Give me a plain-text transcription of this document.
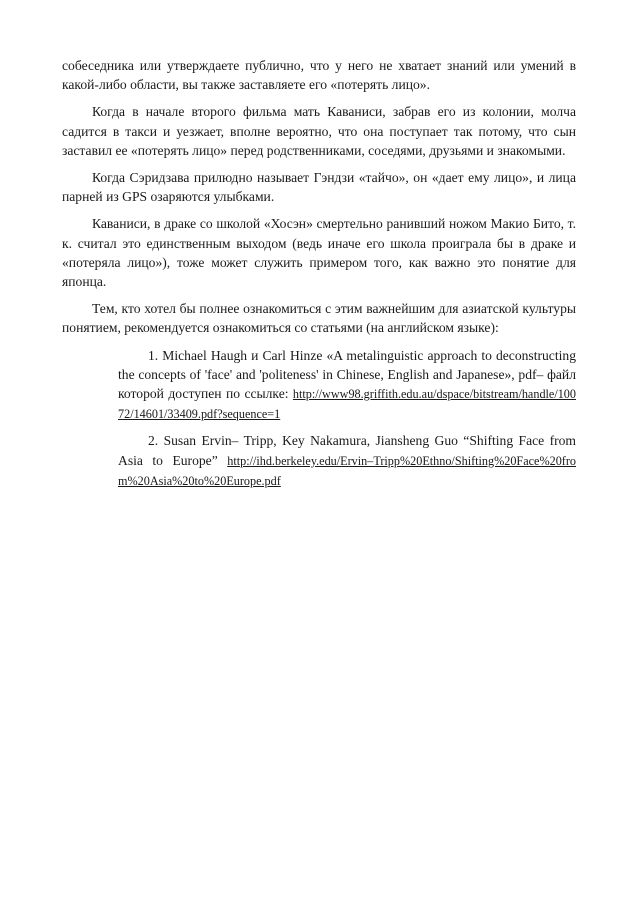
собеседника или утверждаете публично, что у него не хватает знаний или умений в какой-либо области, вы также заставляете его «потерять лицо».

Когда в начале второго фильма мать Каваниси, забрав его из колонии, молча садится в такси и уезжает, вполне вероятно, что она поступает так потому, что сын заставил ее «потерять лицо» перед родственниками, соседями, друзьями и знакомыми.

Когда Сэридзава прилюдно называет Гэндзи «тайчо», он «дает ему лицо», и лица парней из GPS озаряются улыбками.

Каваниси, в драке со школой «Хосэн» смертельно ранивший ножом Макио Бито, т. к. считал это единственным выходом (ведь иначе его школа проиграла бы в драке и «потеряла лицо»), тоже может служить примером того, как важно это понятие для японца.

Тем, кто хотел бы полнее ознакомиться с этим важнейшим для азиатской культуры понятием, рекомендуется ознакомиться со статьями (на английском языке):

1. Michael Haugh и Carl Hinze «A metalinguistic approach to deconstructing the concepts of 'face' and 'politeness' in Chinese, English and Japanese», pdf– файл которой доступен по ссылке: http://www98.griffith.edu.au/dspace/bitstream/handle/10072/14601/33409.pdf?sequence=1

2. Susan Ervin– Tripp, Key Nakamura, Jiansheng Guo “Shifting Face from Asia to Europe” http://ihd.berkeley.edu/Ervin–Tripp%20Ethno/Shifting%20Face%20from%20Asia%20to%20Europe.pdf
